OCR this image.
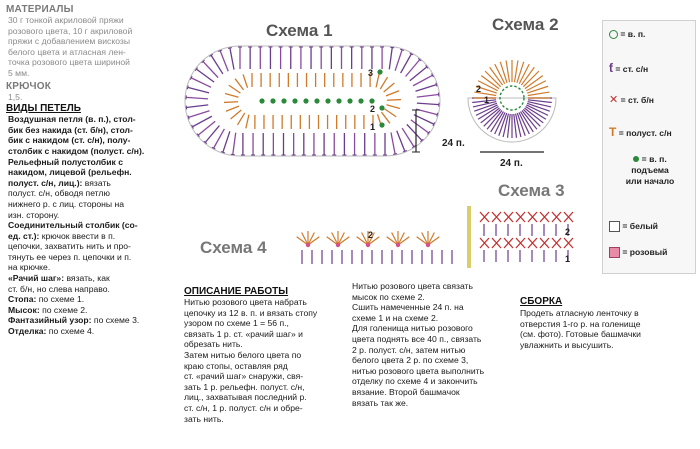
МАТЕРИАЛЫ
30 г тонкой акриловой пряжи
розового цвета, 10 г акриловой
пряжи с добавлением вискозы
белого цвета и атласная лен-
точка розового цвета шириной
5 мм.
КРЮЧОК
1,5.
ВИДЫ ПЕТЕЛЬ
Воздушная петля (в. п.), стол-
бик без накида (ст. б/н), стол-
бик с накидом (ст. с/н), полу-
столбик с накидом (полуст. с/н).
Рельефный полустолбик с
накидом, лицевой (рельефн.
полуст. с/н, лиц.): вязать
полуст. с/н, обводя петлю
нижнего р. с лиц. стороны на
изн. сторону.
Соединительный столбик (со-
ед. ст.): крючок ввести в п.
цепочки, захватить нить и про-
тянуть ее через п. цепочки и п.
на крючке.
«Рачий шаг»: вязать, как
ст. б/н, но слева направо.
Стопа: по схеме 1.
Мысок: по схеме 2.
Фантазийный узор: по схеме 3.
Отделка: по схеме 4.
24 п.
3
2
1
24 п.
2
1
2
1
2
Схема 1	Схема 2
Схема 3
Схема 4
= в. п.
ƭ = ст. с/н
✕ = ст. б/н
T = полуст. с/н
= в. п.
подъема
или начало
= белый
= розовый
ОПИСАНИЕ РАБОТЫ
Нитью розового цвета набрать
цепочку из 12 в. п. и вязать стопу
узором по схеме 1 = 56 п.,
связать 1 р. ст. «рачий шаг» и
обрезать нить.
Затем нитью белого цвета по
краю стопы, оставляя ряд
ст. «рачий шаг» снаружи, свя-
зать 1 р. рельефн. полуст. с/н,
лиц., захватывая последний р.
ст. с/н, 1 р. полуст. с/н и обре-
зать нить.
Нитью розового цвета связать
мысок по схеме 2.
Сшить намеченные 24 п. на
схеме 1 и на схеме 2.
Для голенища нитью розового
цвета поднять все 40 п., связать
2 р. полуст. с/н, затем нитью
белого цвета 2 р. по схеме 3,
нитью розового цвета выполнить
отделку по схеме 4 и закончить
вязание. Второй башмачок
вязать так же.
СБОРКА
Продеть атласную ленточку в
отверстия 1-го р. на голенище
(см. фото). Готовые башмачки
увлажнить и высушить.
